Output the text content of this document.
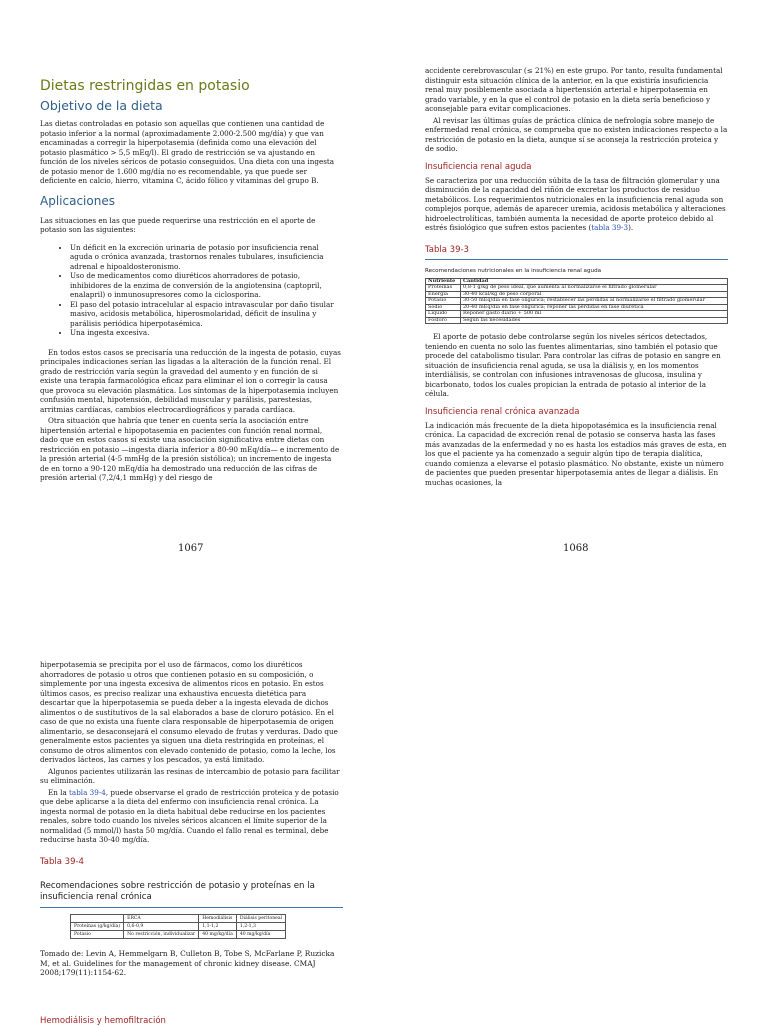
Dietas restringidas en potasio
Objetivo de la dieta

Las dietas controladas en potasio son aquellas que contienen una cantidad de potasio inferior a la normal (aproximadamente 2.000-2.500 mg/día) y que van encaminadas a corregir la hiperpotasemia (definida como una elevación del potasio plasmático > 5,5 mEq/l). El grado de restricción se va ajustando en función de los niveles séricos de potasio conseguidos. Una dieta con una ingesta de potasio menor de 1.600 mg/día no es recomendable, ya que puede ser deficiente en calcio, hierro, vitamina C, ácido fólico y vitaminas del grupo B.

Aplicaciones

Las situaciones en las que puede requerirse una restricción en el aporte de potasio son las siguientes:

• Un déficit en la excreción urinaria de potasio por insuficiencia renal aguda o crónica avanzada, trastornos renales tubulares, insuficiencia adrenal e hipoaldosteronismo.
• Uso de medicamentos como diuréticos ahorradores de potasio, inhibidores de la enzima de conversión de la angiotensina (captopril, enalapril) o inmunosupresores como la ciclosporina.
• El paso del potasio intracelular al espacio intravascular por daño tisular masivo, acidosis metabólica, hiperosmolaridad, déficit de insulina y parálisis periódica hiperpotasémica.
• Una ingesta excesiva.

En todos estos casos se precisaría una reducción de la ingesta de potasio, cuyas principales indicaciones serían las ligadas a la alteración de la función renal. El grado de restricción varía según la gravedad del aumento y en función de si existe una terapia farmacológica eficaz para eliminar el ion o corregir la causa que provoca su elevación plasmática. Los síntomas de la hiperpotasemia incluyen confusión mental, hipotensión, debilidad muscular y parálisis, parestesias, arritmias cardíacas, cambios electrocardiográficos y parada cardíaca.

Otra situación que habría que tener en cuenta sería la asociación entre hipertensión arterial e hipopotasemia en pacientes con función renal normal, dado que en estos casos sí existe una asociación significativa entre dietas con restricción en potasio —ingesta diaria inferior a 80-90 mEq/día— e incremento de la presión arterial (4-5 mmHg de la presión sistólica); un incremento de ingesta de en torno a 90-120 mEq/día ha demostrado una reducción de las cifras de presión arterial (7,2/4,1 mmHg) y del riesgo de

1067

accidente cerebrovascular (≤ 21%) en este grupo. Por tanto, resulta fundamental distinguir esta situación clínica de la anterior, en la que existiría insuficiencia renal muy posiblemente asociada a hipertensión arterial e hiperpotasemia en grado variable, y en la que el control de potasio en la dieta sería beneficioso y aconsejable para evitar complicaciones.

Al revisar las últimas guías de práctica clínica de nefrología sobre manejo de enfermedad renal crónica, se comprueba que no existen indicaciones respecto a la restricción de potasio en la dieta, aunque sí se aconseja la restricción proteica y de sodio.

Insuficiencia renal aguda

Se caracteriza por una reducción súbita de la tasa de filtración glomerular y una disminución de la capacidad del riñón de excretar los productos de residuo metabólicos. Los requerimientos nutricionales en la insuficiencia renal aguda son complejos porque, además de aparecer uremia, acidosis metabólica y alteraciones hidroelectrolíticas, también aumenta la necesidad de aporte proteico debido al estrés fisiológico que sufren estos pacientes (tabla 39-3).

Tabla 39-3
Recomendaciones nutricionales en la insuficiencia renal aguda
Nutriente	Cantidad
Proteínas	0,8-1 g/kg de peso ideal, que aumenta al normalizarse el filtrado glomerular
Energía	30-40 kcal/kg de peso corporal
Potasio	30-50 mEq/día en fase oligúrica; restablecer las pérdidas al normalizarse el filtrado glomerular
Sodio	20-40 mEq/día en fase oligúrica; reponer las pérdidas en fase diurética
Líquido	Reponer gasto diario + 500 ml
Fósforo	Según las necesidades

El aporte de potasio debe controlarse según los niveles séricos detectados, teniendo en cuenta no solo las fuentes alimentarias, sino también el potasio que procede del catabolismo tisular. Para controlar las cifras de potasio en sangre en situación de insuficiencia renal aguda, se usa la diálisis y, en los momentos interdiálisis, se controlan con infusiones intravenosas de glucosa, insulina y bicarbonato, todos los cuales propician la entrada de potasio al interior de la célula.

Insuficiencia renal crónica avanzada

La indicación más frecuente de la dieta hipopotasémica es la insuficiencia renal crónica. La capacidad de excreción renal de potasio se conserva hasta las fases más avanzadas de la enfermedad y no es hasta los estadios más graves de esta, en los que el paciente ya ha comenzado a seguir algún tipo de terapia dialítica, cuando comienza a elevarse el potasio plasmático. No obstante, existe un número de pacientes que pueden presentar hiperpotasemia antes de llegar a diálisis. En muchas ocasiones, la

1068

hiperpotasemia se precipita por el uso de fármacos, como los diuréticos ahorradores de potasio u otros que contienen potasio en su composición, o simplemente por una ingesta excesiva de alimentos ricos en potasio. En estos últimos casos, es preciso realizar una exhaustiva encuesta dietética para descartar que la hiperpotasemia se pueda deber a la ingesta elevada de dichos alimentos o de sustitutivos de la sal elaborados a base de cloruro potásico. En el caso de que no exista una fuente clara responsable de hiperpotasemia de origen alimentario, se desaconsejará el consumo elevado de frutas y verduras. Dado que generalmente estos pacientes ya siguen una dieta restringida en proteínas, el consumo de otros alimentos con elevado contenido de potasio, como la leche, los derivados lácteos, las carnes y los pescados, ya está limitado.

Algunos pacientes utilizarán las resinas de intercambio de potasio para facilitar su eliminación.

En la tabla 39-4, puede observarse el grado de restricción proteica y de potasio que debe aplicarse a la dieta del enfermo con insuficiencia renal crónica. La ingesta normal de potasio en la dieta habitual debe reducirse en los pacientes renales, sobre todo cuando los niveles séricos alcancen el límite superior de la normalidad (5 mmol/l) hasta 50 mg/día. Cuando el fallo renal es terminal, debe reducirse hasta 30-40 mg/día.

Tabla 39-4
Recomendaciones sobre restricción de potasio y proteínas en la insuficiencia renal crónica
	ERCA	Hemodiálisis	Diálisis peritoneal
Proteínas (g/kg/día)	0,6-0,9	1,1-1,2	1,2-1,3
Potasio	No restricción, individualizar	40 mg/kg/día	40 mg/kg/día

Tomado de: Levin A, Hemmelgarn B, Culleton B, Tobe S, McFarlane P, Ruzicka M, et al. Guidelines for the management of chronic kidney disease. CMAJ 2008;179(11):1154-62.

Hemodiálisis y hemofiltración
